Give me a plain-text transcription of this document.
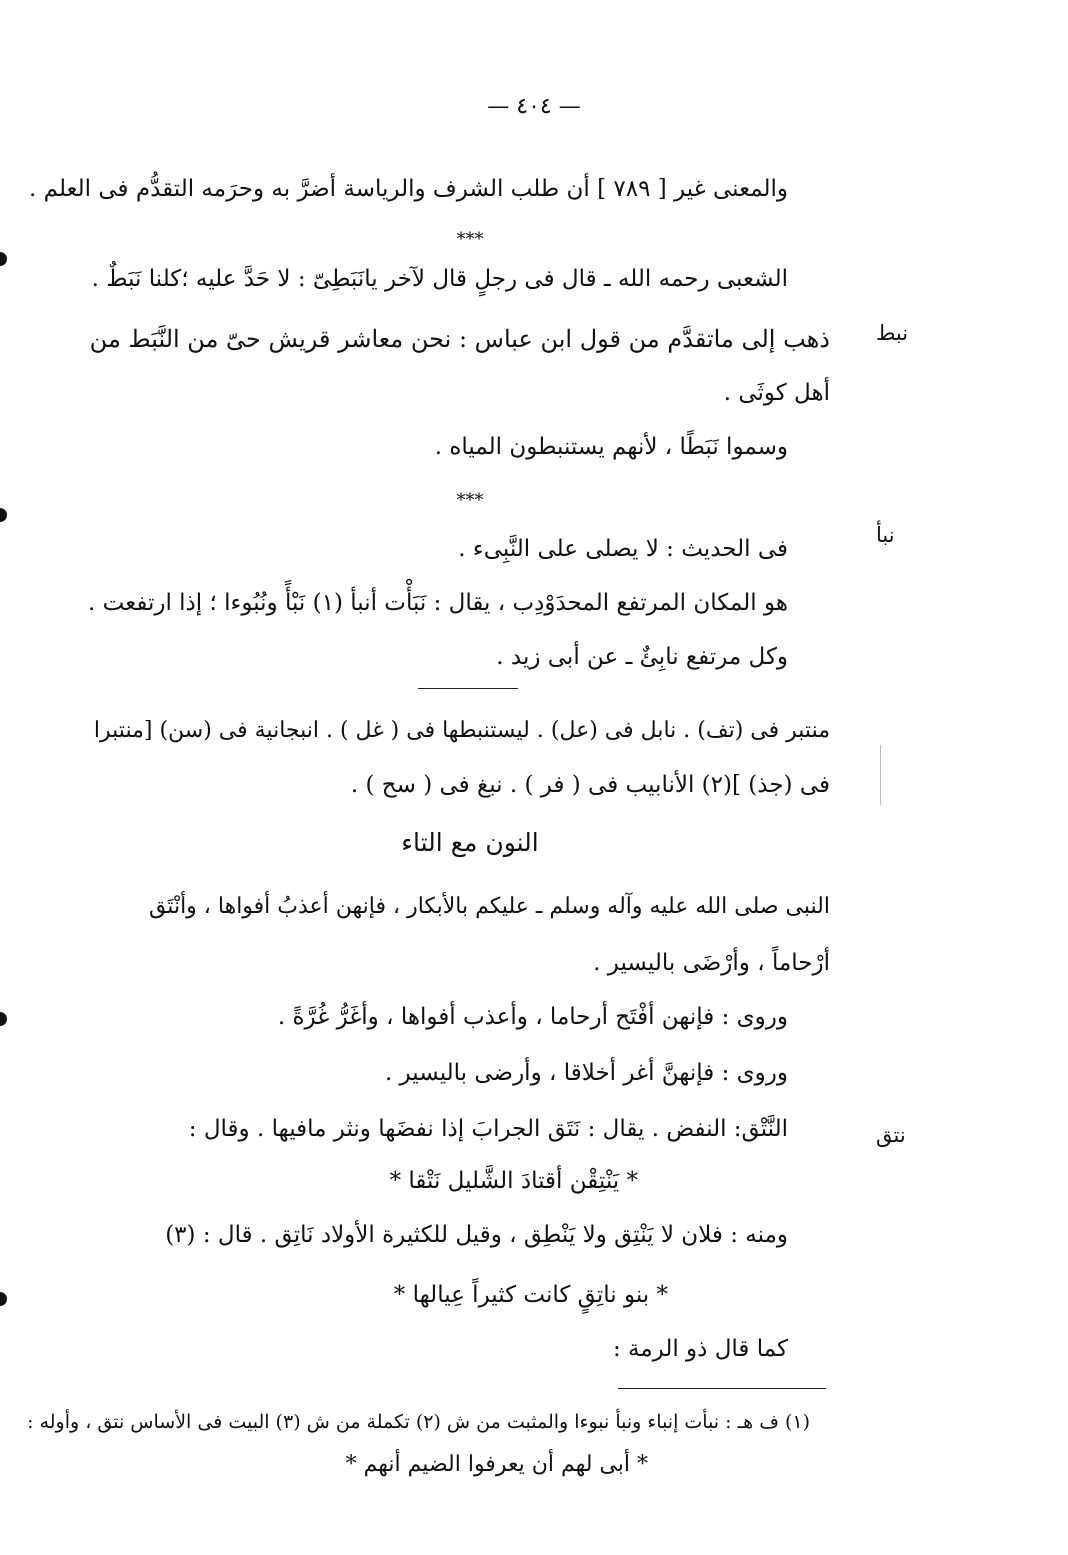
— ٤٠٤ —
والمعنى غير [ ٧٨٩ ] أن طلب الشرف والرياسة أضرَّ به وحرَمه التقدُّم فى العلم .
***
الشعبى رحمه الله ـ قال فى رجلٍ قال لآخر يانَبَطِىّ : لا حَدَّ عليه ؛كلنا نَبَطٌ .
نبط
ذهب إلى ماتقدَّم من قول ابن عباس : نحن معاشر قريش حىّ من النَّبَط من
أهل كوثَى .
وسموا نَبَطًا ، لأنهم يستنبطون المياه .
***
نبأ
فى الحديث : لا يصلى على النَّبِىء .
هو المكان المرتفع المحدَوْدِب ، يقال : نَبَأْت أنبأ (١) نَبْأً ونُبُوءا ؛ إذا ارتفعت .
وكل مرتفع نابِئٌ ـ عن أبى زيد .
منتبر فى (تف) . نابل فى (عل) . ليستنبطها فى ( غل ) . انبجانية فى (سن) [منتبرا
فى (جذ) ](٢) الأنابيب فى ( فر ) . نبغ فى ( سح ) .
النون مع التاء
النبى صلى الله عليه وآله وسلم ـ عليكم بالأبكار ، فإنهن أعذبُ أفواها ، وأنْتَق
أرْحاماً ، وأرْضَى باليسير .
وروى : فإنهن أفْتَح أرحاما ، وأعذب أفواها ، وأغَرُّ غُرَّةً .
وروى : فإنهنَّ أغر أخلاقا ، وأرضى باليسير .
نتق
النَّتْق: النفض . يقال : نَتَق الجرابَ إذا نفضَها ونثر مافيها . وقال :
* يَنْتِقْن أقتادَ الشَّليل نَتْقا *
ومنه : فلان لا يَنْتِق ولا يَنْطِق ، وقيل للكثيرة الأولاد نَاتِق . قال : (٣)
* بنو ناتِقٍ كانت كثيراً عِيالها *
كما قال ذو الرمة :
(١) ف هـ : نبأت إنباء ونبأ نبوءا والمثبت من ش (٢) تكملة من ش (٣) البيت فى الأساس نتق ، وأوله :
* أبى لهم أن يعرفوا الضيم أنهم *
